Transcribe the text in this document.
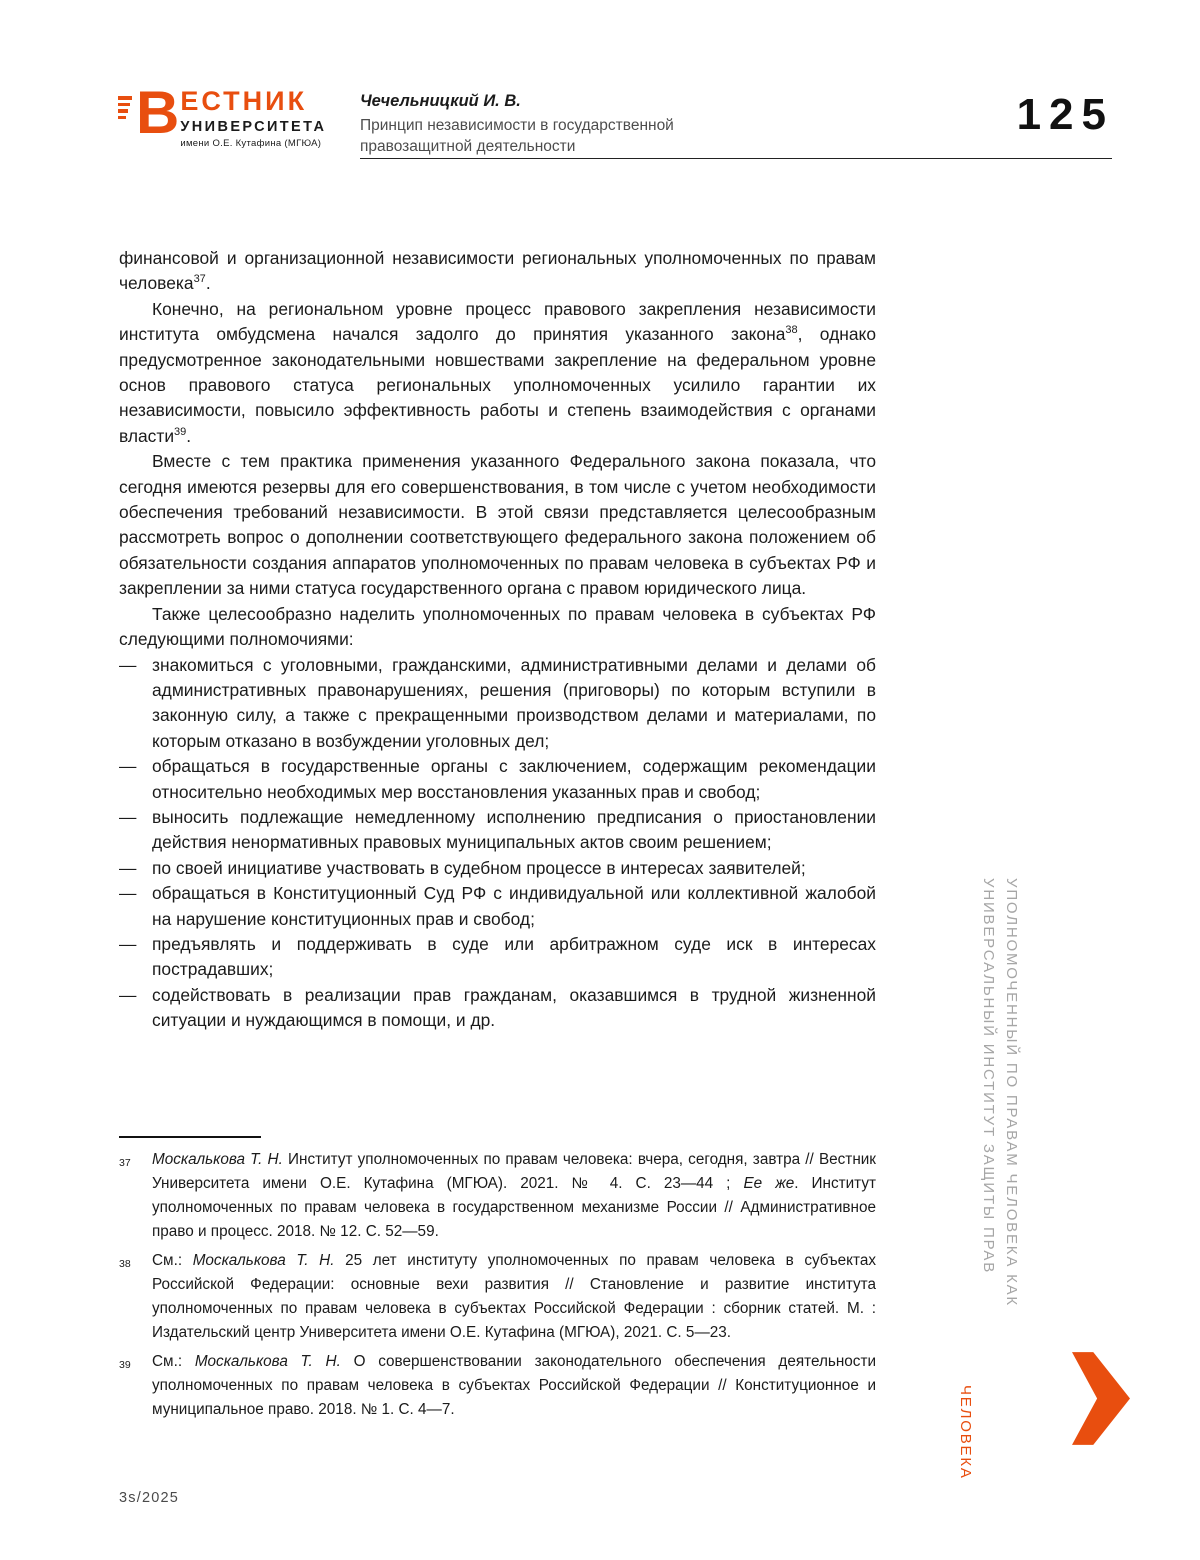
В ЕСТНИК
УНИВЕРСИТЕТА
имени О.Е. Кутафина (МГЮА)
Чечельницкий И. В.
Принцип независимости в государственной правозащитной деятельности
125

финансовой и организационной независимости региональных уполномоченных по правам человека$^{37}$.

Конечно, на региональном уровне процесс правового закрепления независимости института омбудсмена начался задолго до принятия указанного закона$^{38}$, однако предусмотренное законодательными новшествами закрепление на федеральном уровне основ правового статуса региональных уполномоченных усилило гарантии их независимости, повысило эффективность работы и степень взаимодействия с органами власти$^{39}$.

Вместе с тем практика применения указанного Федерального закона показала, что сегодня имеются резервы для его совершенствования, в том числе с учетом необходимости обеспечения требований независимости. В этой связи представляется целесообразным рассмотреть вопрос о дополнении соответствующего федерального закона положением об обязательности создания аппаратов уполномоченных по правам человека в субъектах РФ и закреплении за ними статуса государственного органа с правом юридического лица.

Также целесообразно наделить уполномоченных по правам человека в субъектах РФ следующими полномочиями:

— знакомиться с уголовными, гражданскими, административными делами и делами об административных правонарушениях, решения (приговоры) по которым вступили в законную силу, а также с прекращенными производством делами и материалами, по которым отказано в возбуждении уголовных дел;
— обращаться в государственные органы с заключением, содержащим рекомендации относительно необходимых мер восстановления указанных прав и свобод;
— выносить подлежащие немедленному исполнению предписания о приостановлении действия ненормативных правовых муниципальных актов своим решением;
— по своей инициативе участвовать в судебном процессе в интересах заявителей;
— обращаться в Конституционный Суд РФ с индивидуальной или коллективной жалобой на нарушение конституционных прав и свобод;
— предъявлять и поддерживать в суде или арбитражном суде иск в интересах пострадавших;
— содействовать в реализации прав гражданам, оказавшимся в трудной жизненной ситуации и нуждающимся в помощи, и др.
37	Москалькова Т. Н. Институт уполномоченных по правам человека: вчера, сегодня, завтра // Вестник Университета имени О.Е. Кутафина (МГЮА). 2021. № 4. С. 23—44 ; Ее же. Институт уполномоченных по правам человека в государственном механизме России // Административное право и процесс. 2018. № 12. С. 52—59.
38	См.: Москалькова Т. Н. 25 лет институту уполномоченных по правам человека в субъектах Российской Федерации: основные вехи развития // Становление и развитие института уполномоченных по правам человека в субъектах Российской Федерации : сборник статей. М. : Издательский центр Университета имени О.Е. Кутафина (МГЮА), 2021. С. 5—23.
39	См.: Москалькова Т. Н. О совершенствовании законодательного обеспечения деятельности уполномоченных по правам человека в субъектах Российской Федерации // Конституционное и муниципальное право. 2018. № 1. С. 4—7.
УПОЛНОМОЧЕННЫЙ ПО ПРАВАМ ЧЕЛОВЕКА КАК
УНИВЕРСАЛЬНЫЙ ИНСТИТУТ ЗАЩИТЫ ПРАВ
ЧЕЛОВЕКА
3s/2025
